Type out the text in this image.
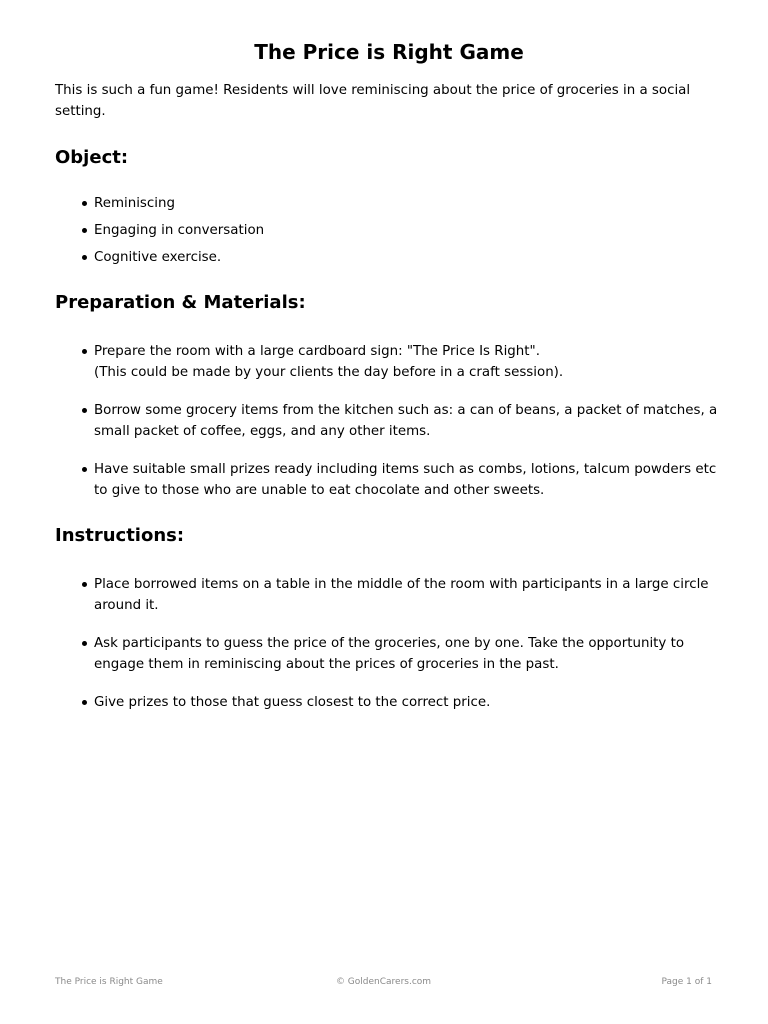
The Price is Right Game

This is such a fun game! Residents will love reminiscing about the price of groceries in a social setting.

Object:
Reminiscing
Engaging in conversation
Cognitive exercise.
Preparation & Materials:
Prepare the room with a large cardboard sign: "The Price Is Right".
(This could be made by your clients the day before in a craft session).
Borrow some grocery items from the kitchen such as: a can of beans, a packet of matches, a small packet of coffee, eggs, and any other items.
Have suitable small prizes ready including items such as combs, lotions, talcum powders etc to give to those who are unable to eat chocolate and other sweets.
Instructions:
Place borrowed items on a table in the middle of the room with participants in a large circle around it.
Ask participants to guess the price of the groceries, one by one. Take the opportunity to engage them in reminiscing about the prices of groceries in the past.
Give prizes to those that guess closest to the correct price.
The Price is Right Game	© GoldenCarers.com	Page 1 of 1
